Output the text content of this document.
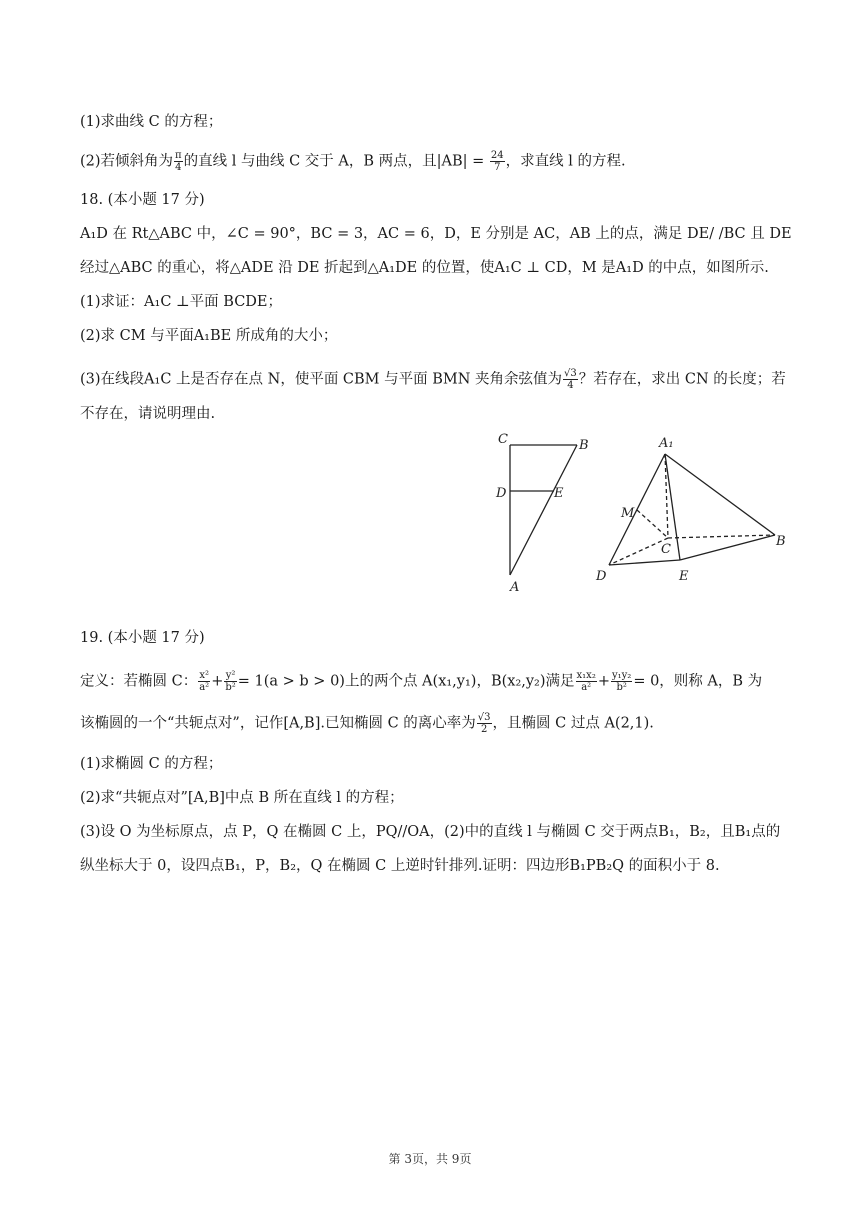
(1)求曲线 C 的方程；
(2)若倾斜角为 $\frac{\pi}{4}$ 的直线 l 与曲线 C 交于 A，B 两点，且$|AB| = \frac{24}{7}$ ，求直线 l 的方程.
18. (本小题 17 分)
A₁D 在 Rt△ABC 中，∠C = 90°，BC = 3，AC = 6，D，E 分别是 AC，AB 上的点，满足 DE/ /BC 且 DE
经过△ABC 的重心，将△ADE 沿 DE 折起到△A₁DE 的位置，使A₁C ⊥ CD，M 是A₁D 的中点，如图所示.
(1)求证：A₁C ⊥平面 BCDE；
(2)求 CM 与平面A₁BE 所成角的大小；
(3)在线段A₁C 上是否存在点 N，使平面 CBM 与平面 BMN 夹角余弦值为 $\frac{√3}{4}$ ？若存在，求出 CN 的长度；若
不存在，请说明理由.
C	B
D	E
A
A₁
M
C
B
D	E
19. (本小题 17 分)
定义：若椭圆 C： $\frac{\text{x²}}{\text{a²}} + \frac{\text{y²}}{\text{b²}} = 1(a > b > 0)$上的两个点 A(x₁,y₁)，B(x₂,y₂)满足 $\frac{\text{x₁x₂}}{\text{a²}} + \frac{\text{y₁y₂}}{\text{b²}} = 0$，则称 A，B 为
该椭圆的一个“共轭点对”，记作[A,B].已知椭圆 C 的离心率为 $\frac{√3}{2}$ ，且椭圆 C 过点 A(2,1).
(1)求椭圆 C 的方程；
(2)求“共轭点对”[A,B]中点 B 所在直线 l 的方程；
(3)设 O 为坐标原点，点 P，Q 在椭圆 C 上，PQ//OA，(2)中的直线 l 与椭圆 C 交于两点B₁，B₂，且B₁点的
纵坐标大于 0，设四点B₁，P，B₂，Q 在椭圆 C 上逆时针排列.证明：四边形B₁PB₂Q 的面积小于 8.
第 3页，共 9页
